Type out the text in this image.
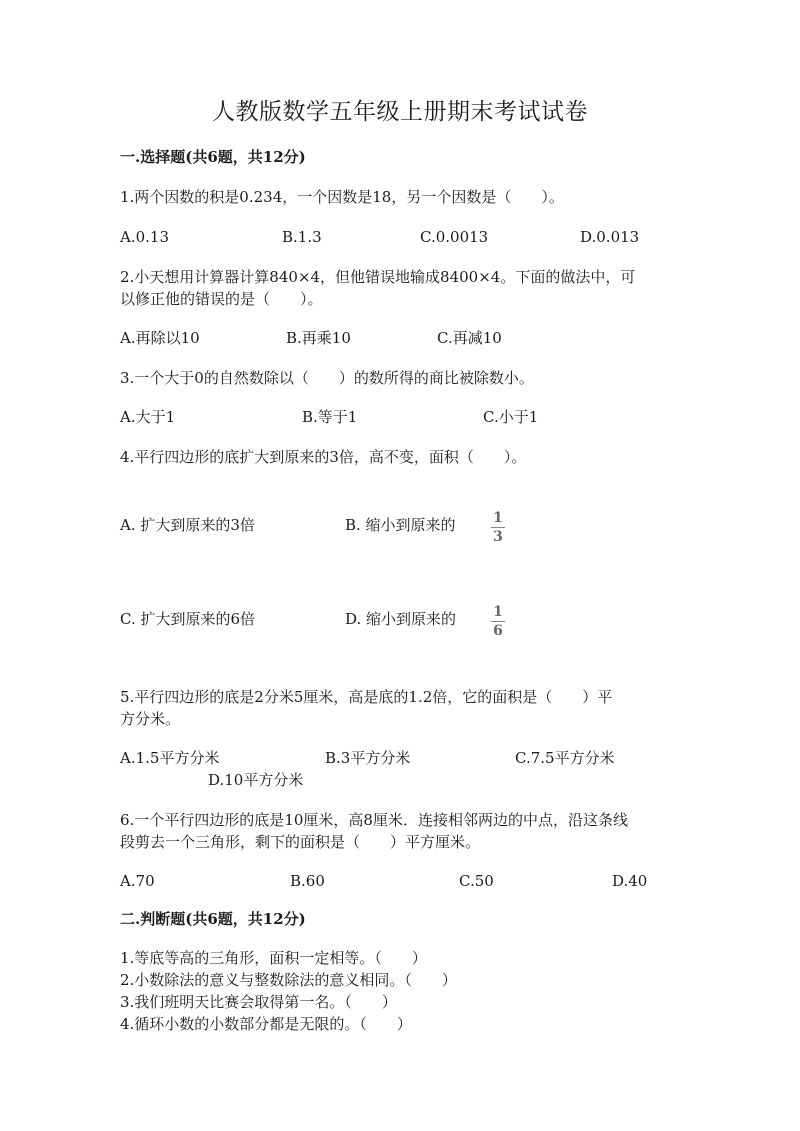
人教版数学五年级上册期末考试试卷
一.选择题(共6题，共12分)
1.两个因数的积是0.234，一个因数是18，另一个因数是（　　）。
A.0.13	B.1.3	C.0.0013	D.0.013
2.小天想用计算器计算840×4，但他错误地输成8400×4。下面的做法中，可
以修正他的错误的是（　　）。
A.再除以10	B.再乘10	C.再减10
3.一个大于0的自然数除以（　　）的数所得的商比被除数小。
A.大于1	B.等于1	C.小于1
4.平行四边形的底扩大到原来的3倍，高不变，面积（　　）。
A. 扩大到原来的3倍	B. 缩小到原来的	1
3
C. 扩大到原来的6倍	D. 缩小到原来的	1
6
5.平行四边形的底是2分米5厘米，高是底的1.2倍，它的面积是（　　）平
方分米。
A.1.5平方分米	B.3平方分米	C.7.5平方分米
D.10平方分米
6.一个平行四边形的底是10厘米，高8厘米．连接相邻两边的中点，沿这条线
段剪去一个三角形，剩下的面积是（　　）平方厘米。
A.70	B.60	C.50	D.40
二.判断题(共6题，共12分)
1.等底等高的三角形，面积一定相等。（　　）
2.小数除法的意义与整数除法的意义相同。（　　）
3.我们班明天比赛会取得第一名。（　　）
4.循环小数的小数部分都是无限的。（　　）
